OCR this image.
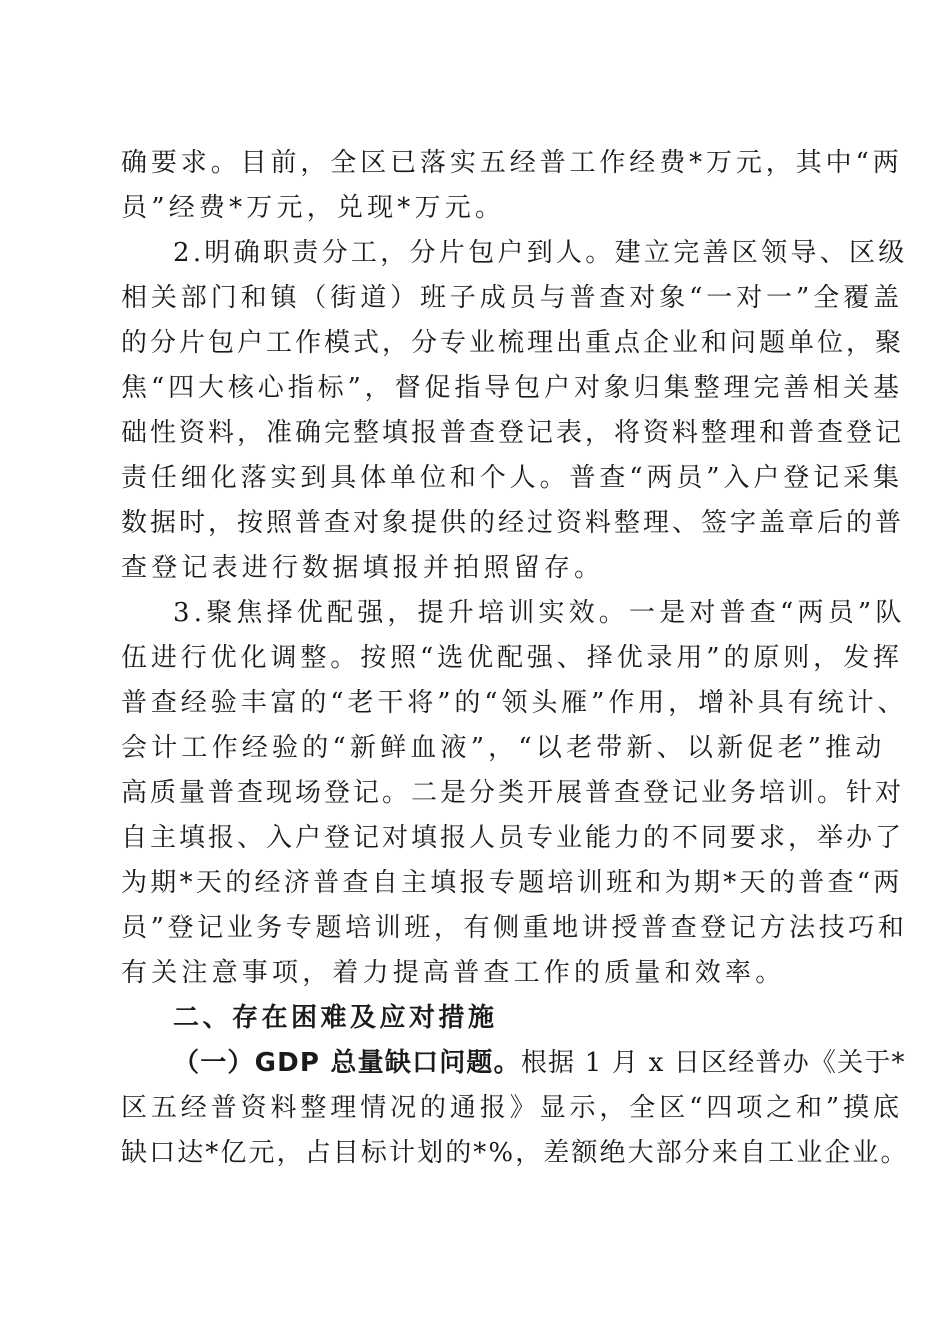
确要求。目前，全区已落实五经普工作经费*万元，其中“两
员”经费*万元，兑现*万元。
2.明确职责分工，分片包户到人。建立完善区领导、区级
相关部门和镇（街道）班子成员与普查对象“一对一”全覆盖
的分片包户工作模式，分专业梳理出重点企业和问题单位，聚
焦“四大核心指标”，督促指导包户对象归集整理完善相关基
础性资料，准确完整填报普查登记表，将资料整理和普查登记
责任细化落实到具体单位和个人。普查“两员”入户登记采集
数据时，按照普查对象提供的经过资料整理、签字盖章后的普
查登记表进行数据填报并拍照留存。
3.聚焦择优配强，提升培训实效。一是对普查“两员”队
伍进行优化调整。按照“选优配强、择优录用”的原则，发挥
普查经验丰富的“老干将”的“领头雁”作用，增补具有统计、
会计工作经验的“新鲜血液”，“以老带新、以新促老”推动
高质量普查现场登记。二是分类开展普查登记业务培训。针对
自主填报、入户登记对填报人员专业能力的不同要求，举办了
为期*天的经济普查自主填报专题培训班和为期*天的普查“两
员”登记业务专题培训班，有侧重地讲授普查登记方法技巧和
有关注意事项，着力提高普查工作的质量和效率。
二、存在困难及应对措施
（一）GDP 总量缺口问题。根据 1 月 x 日区经普办《关于*
区五经普资料整理情况的通报》显示，全区“四项之和”摸底
缺口达*亿元，占目标计划的*%，差额绝大部分来自工业企业。
